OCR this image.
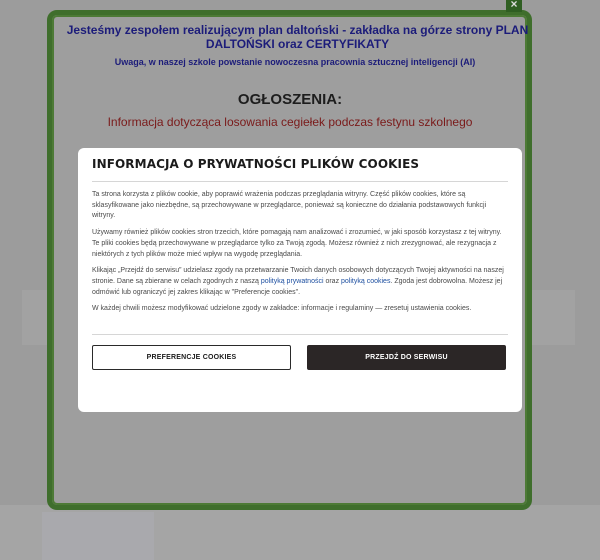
×
Jesteśmy zespołem realizującym plan daltoński - zakładka na górze strony PLAN DALTOŃSKI oraz CERTYFIKATY
Uwaga, w naszej szkole powstanie nowoczesna pracownia sztucznej inteligencji (AI)
OGŁOSZENIA:
Informacja dotycząca losowania cegiełek podczas festynu szkolnego
INFORMACJA O PRYWATNOŚCI PLIKÓW COOKIES

Ta strona korzysta z plików cookie, aby poprawić wrażenia podczas przeglądania witryny. Część plików cookies, które są sklasyfikowane jako niezbędne, są przechowywane w przeglądarce, ponieważ są konieczne do działania podstawowych funkcji witryny.

Używamy również plików cookies stron trzecich, które pomagają nam analizować i zrozumieć, w jaki sposób korzystasz z tej witryny. Te pliki cookies będą przechowywane w przeglądarce tylko za Twoją zgodą. Możesz również z nich zrezygnować, ale rezygnacja z niektórych z tych plików może mieć wpływ na wygodę przeglądania.

Klikając „Przejdź do serwisu” udzielasz zgody na przetwarzanie Twoich danych osobowych dotyczących Twojej aktywności na naszej stronie. Dane są zbierane w celach zgodnych z naszą polityką prywatności oraz polityką cookies. Zgoda jest dobrowolna. Możesz jej odmówić lub ograniczyć jej zakres klikając w "Preferencje cookies".

W każdej chwili możesz modyfikować udzielone zgody w zakładce: informacje i regulaminy — zresetuj ustawienia cookies.

PREFERENCJE COOKIES	PRZEJDŹ DO SERWISU
